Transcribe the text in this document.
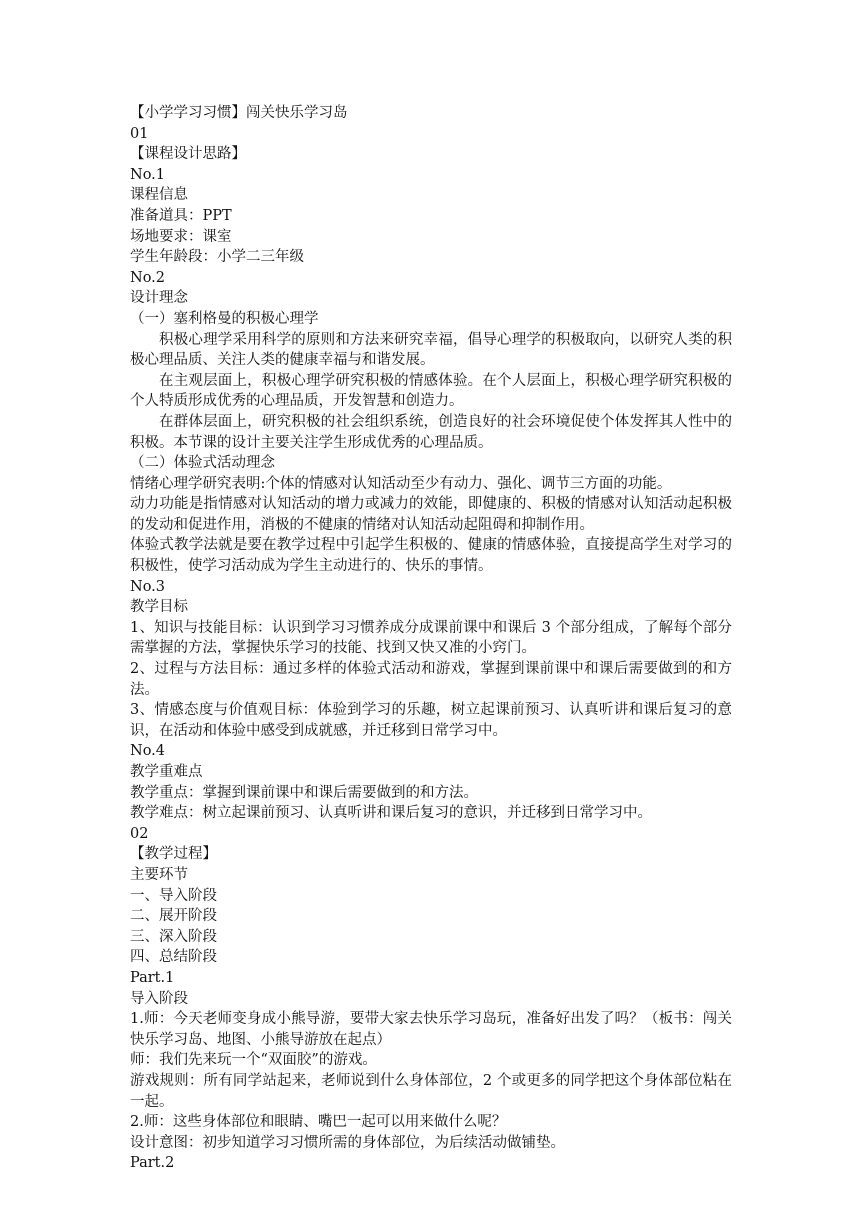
【小学学习习惯】闯关快乐学习岛
01
【课程设计思路】
No.1
课程信息
准备道具：PPT
场地要求：课室
学生年龄段：小学二三年级
No.2
设计理念
（一）塞利格曼的积极心理学
积极心理学采用科学的原则和方法来研究幸福，倡导心理学的积极取向，以研究人类的积极心理品质、关注人类的健康幸福与和谐发展。
在主观层面上，积极心理学研究积极的情感体验。在个人层面上，积极心理学研究积极的个人特质形成优秀的心理品质，开发智慧和创造力。
在群体层面上，研究积极的社会组织系统，创造良好的社会环境促使个体发挥其人性中的积极。本节课的设计主要关注学生形成优秀的心理品质。
（二）体验式活动理念
情绪心理学研究表明:个体的情感对认知活动至少有动力、强化、调节三方面的功能。
动力功能是指情感对认知活动的增力或减力的效能，即健康的、积极的情感对认知活动起积极的发动和促进作用，消极的不健康的情绪对认知活动起阻碍和抑制作用。
体验式教学法就是要在教学过程中引起学生积极的、健康的情感体验，直接提高学生对学习的积极性，使学习活动成为学生主动进行的、快乐的事情。
No.3
教学目标
1、知识与技能目标：认识到学习习惯养成分成课前课中和课后 3 个部分组成，了解每个部分需掌握的方法，掌握快乐学习的技能、找到又快又准的小窍门。
2、过程与方法目标：通过多样的体验式活动和游戏，掌握到课前课中和课后需要做到的和方法。
3、情感态度与价值观目标：体验到学习的乐趣，树立起课前预习、认真听讲和课后复习的意识，在活动和体验中感受到成就感，并迁移到日常学习中。
No.4
教学重难点
教学重点：掌握到课前课中和课后需要做到的和方法。
教学难点：树立起课前预习、认真听讲和课后复习的意识，并迁移到日常学习中。
02
【教学过程】
主要环节
一、导入阶段
二、展开阶段
三、深入阶段
四、总结阶段
Part.1
导入阶段
1.师：今天老师变身成小熊导游，要带大家去快乐学习岛玩，准备好出发了吗？（板书：闯关快乐学习岛、地图、小熊导游放在起点）
师：我们先来玩一个“双面胶”的游戏。
游戏规则：所有同学站起来，老师说到什么身体部位，2 个或更多的同学把这个身体部位粘在一起。
2.师：这些身体部位和眼睛、嘴巴一起可以用来做什么呢？
设计意图：初步知道学习习惯所需的身体部位，为后续活动做铺垫。
Part.2
